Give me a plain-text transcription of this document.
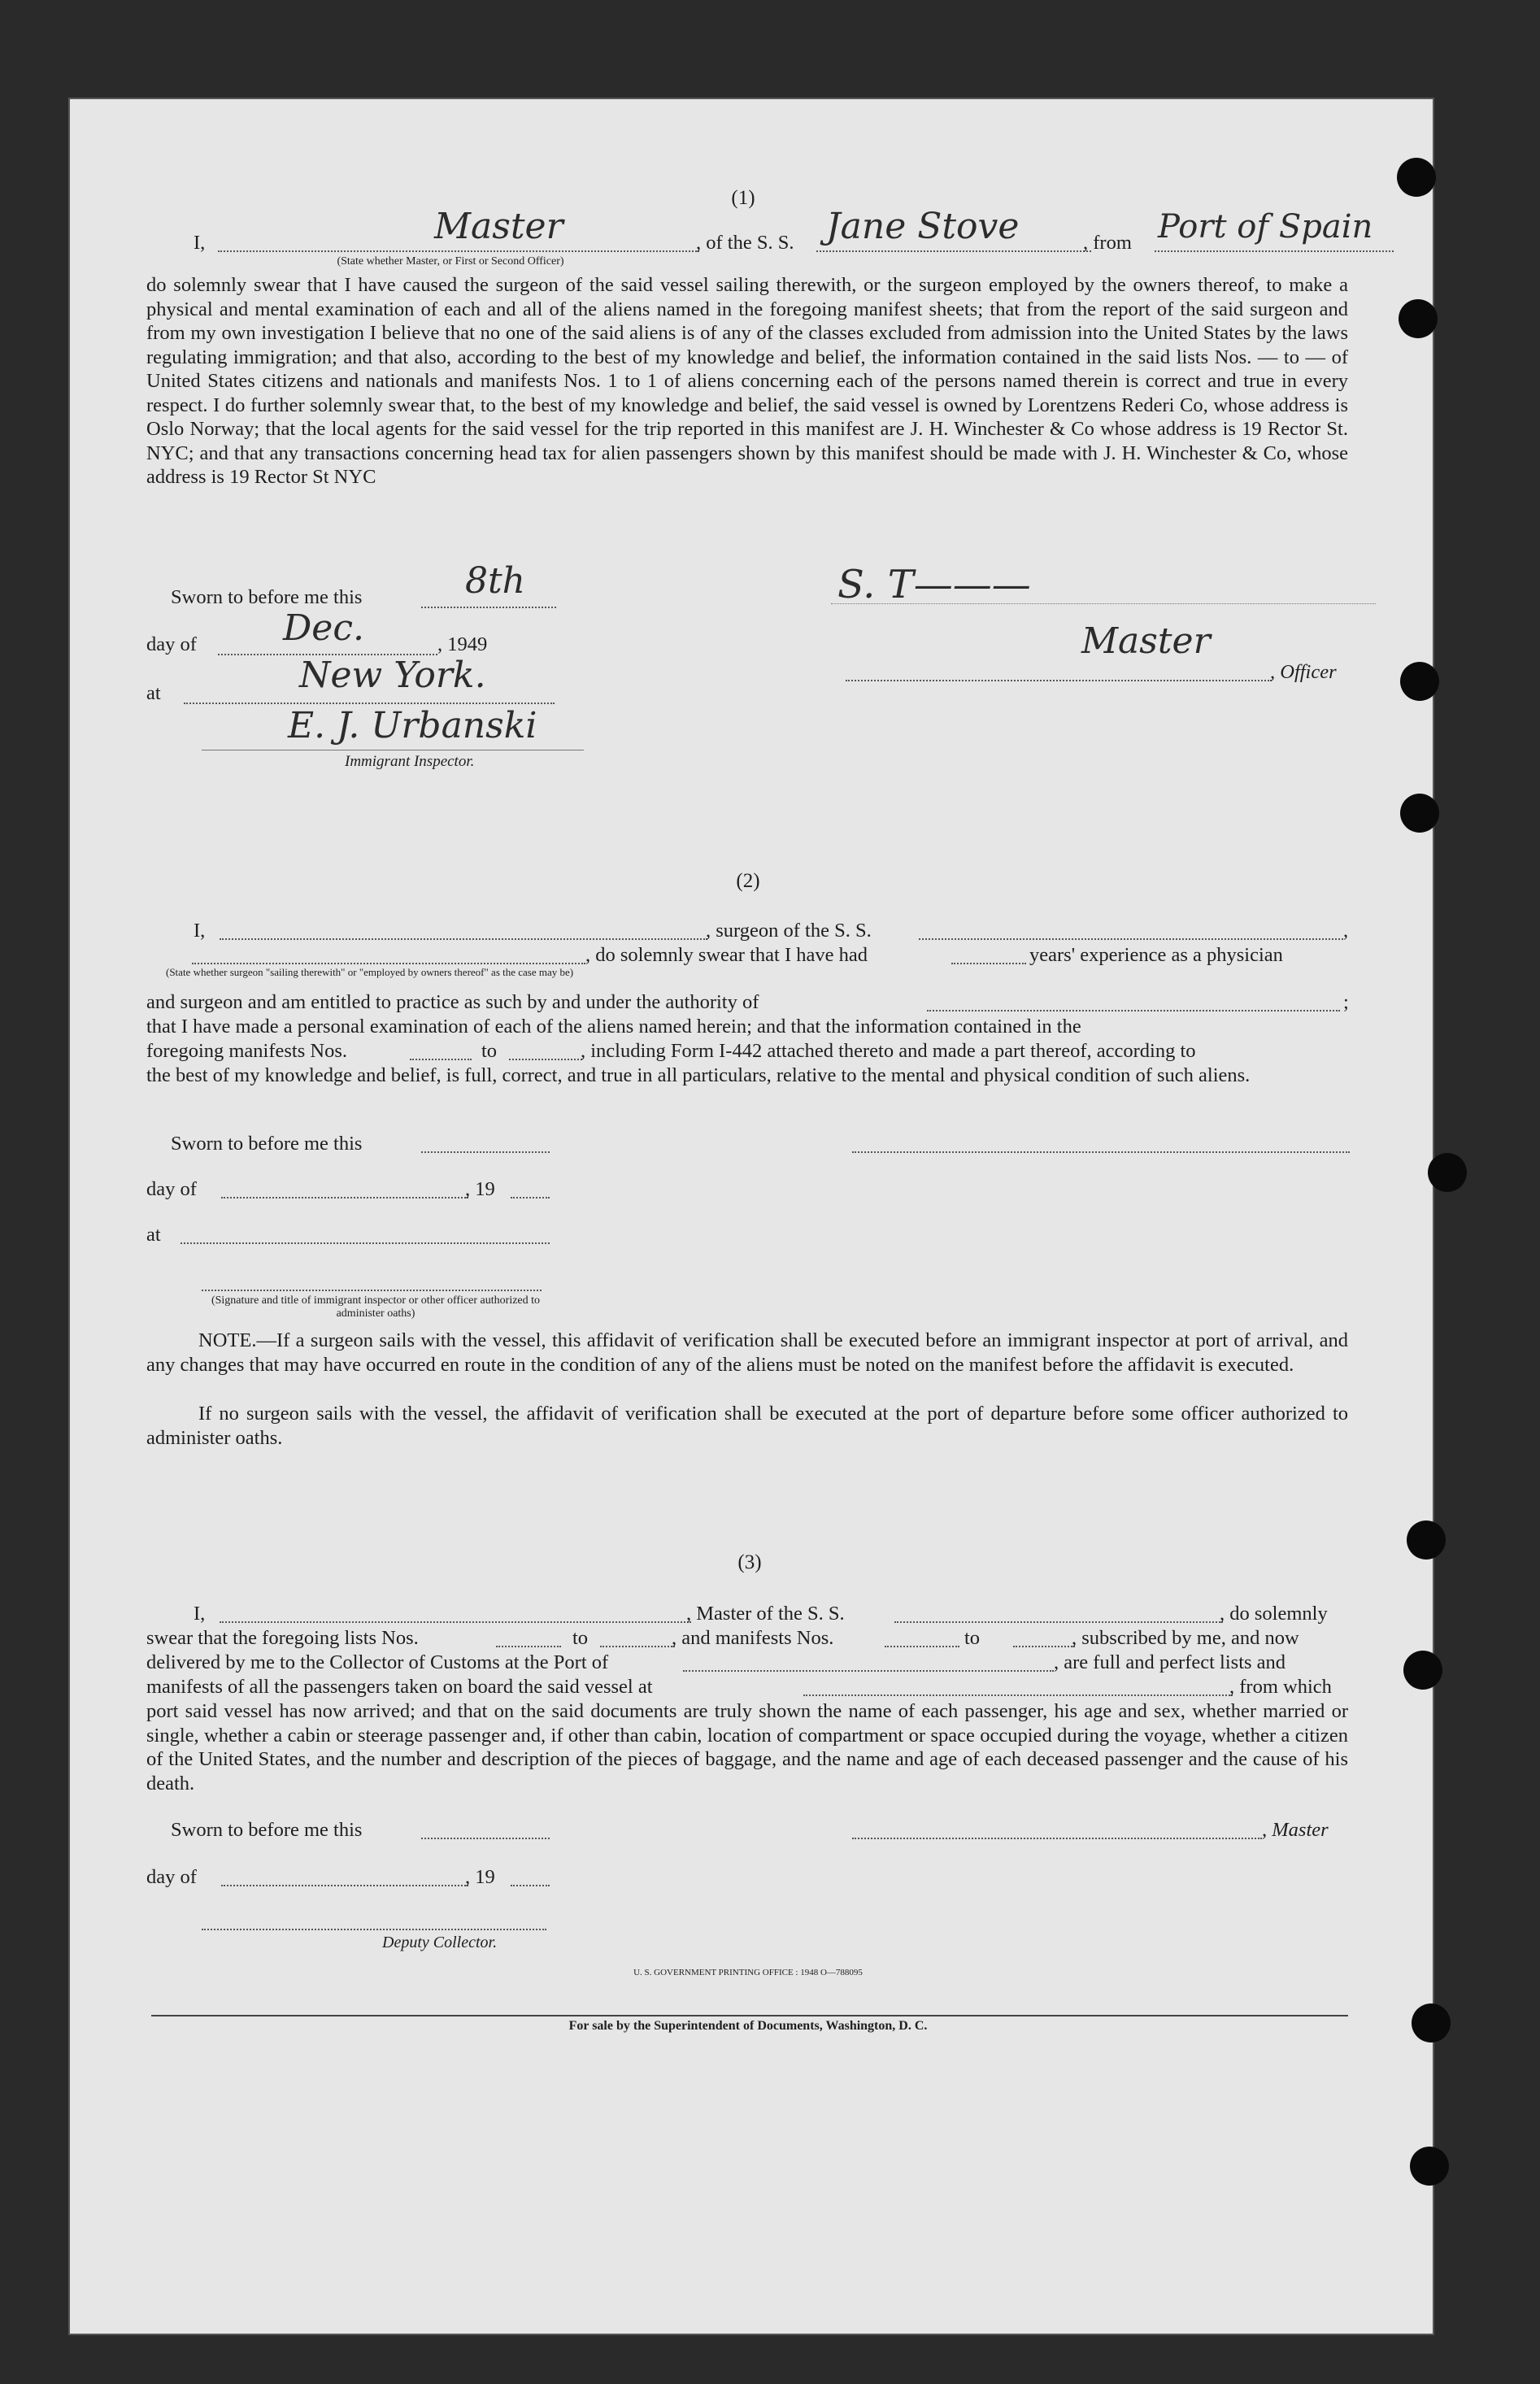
(1)
I,	Master	, of the S. S. Jane Stove	, from Port of Spain
(State whether Master, or First or Second Officer)
do solemnly swear that I have caused the surgeon of the said vessel sailing therewith, or the surgeon employed by the owners thereof, to make a physical and mental examination of each and all of the aliens named in the foregoing manifest sheets; that from the report of the said surgeon and from my own investigation I believe that no one of the said aliens is of any of the classes excluded from admission into the United States by the laws regulating immigration; and that also, according to the best of my knowledge and belief, the information contained in the said lists Nos. — to — of United States citizens and nationals and manifests Nos. 1 to 1 of aliens concerning each of the persons named therein is correct and true in every respect. I do further solemnly swear that, to the best of my knowledge and belief, the said vessel is owned by Lorentzens Rederi Co, whose address is Oslo Norway; that the local agents for the said vessel for the trip reported in this manifest are J. H. Winchester & Co whose address is 19 Rector St. NYC; and that any transactions concerning head tax for alien passengers shown by this manifest should be made with J. H. Winchester & Co, whose address is 19 Rector St NYC
Sworn to before me this	8th
day of Dec.	, 1949
at	New York.
E. J. Urbanski
Immigrant Inspector.
S. T———
Master
, Officer
(2)
I,	, surgeon of the S. S.	,
, do solemnly swear that I have had	years' experience as a physician
(State whether surgeon "sailing therewith" or "employed by owners thereof" as the case may be)
and surgeon and am entitled to practice as such by and under the authority of	;
that I have made a personal examination of each of the aliens named herein; and that the information contained in the
foregoing manifests Nos.	to	, including Form I-442 attached thereto and made a part thereof, according to
the best of my knowledge and belief, is full, correct, and true in all particulars, relative to the mental and physical condition of such aliens.
Sworn to before me this
day of	, 19
at
(Signature and title of immigrant inspector or other officer authorized to administer oaths)
NOTE.—If a surgeon sails with the vessel, this affidavit of verification shall be executed before an immigrant inspector at port of arrival, and any changes that may have occurred en route in the condition of any of the aliens must be noted on the manifest before the affidavit is executed.
If no surgeon sails with the vessel, the affidavit of verification shall be executed at the port of departure before some officer authorized to administer oaths.
(3)
I,	, Master of the S. S.	, do solemnly
swear that the foregoing lists Nos.	to	, and manifests Nos.	to	, subscribed by me, and now
delivered by me to the Collector of Customs at the Port of	, are full and perfect lists and
manifests of all the passengers taken on board the said vessel at	, from which
port said vessel has now arrived; and that on the said documents are truly shown the name of each passenger, his age and sex, whether married or single, whether a cabin or steerage passenger and, if other than cabin, location of compartment or space occupied during the voyage, whether a citizen of the United States, and the number and description of the pieces of baggage, and the name and age of each deceased passenger and the cause of his death.
Sworn to before me this	, Master
day of	, 19
Deputy Collector.
U. S. GOVERNMENT PRINTING OFFICE : 1948 O—788095
For sale by the Superintendent of Documents, Washington, D. C.
